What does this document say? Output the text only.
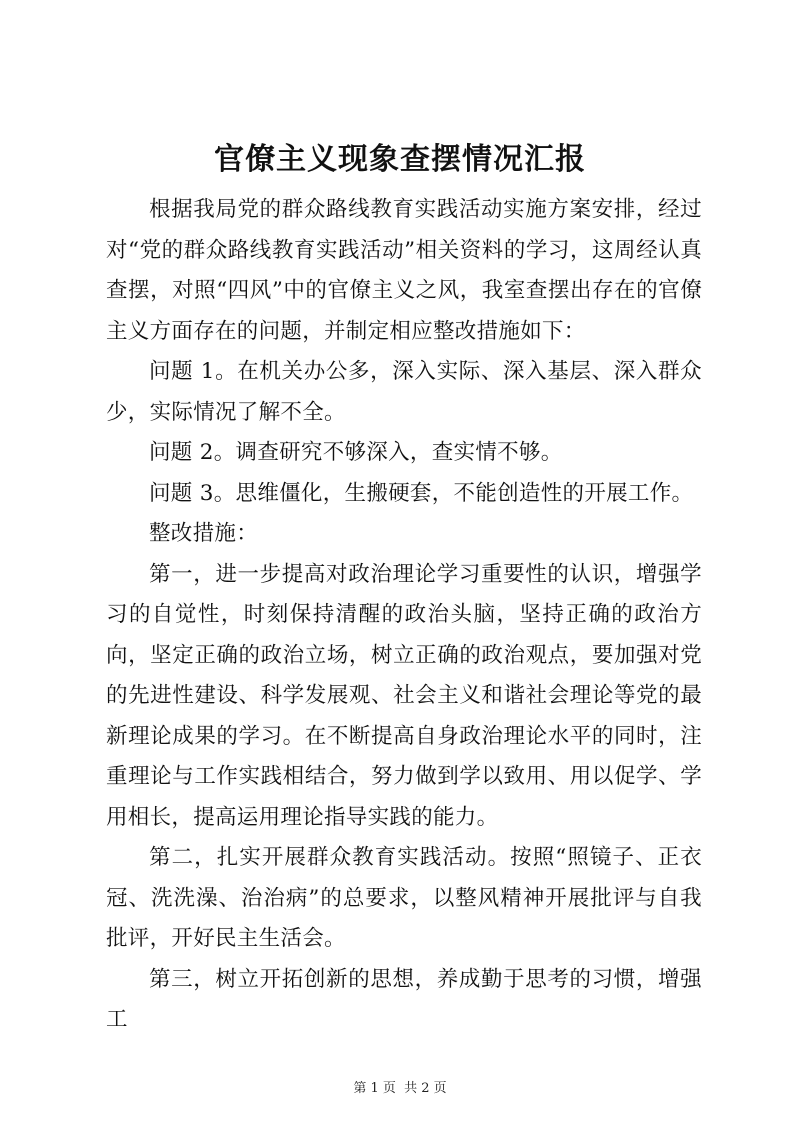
官僚主义现象查摆情况汇报

根据我局党的群众路线教育实践活动实施方案安排，经过对“党的群众路线教育实践活动”相关资料的学习，这周经认真查摆，对照“四风”中的官僚主义之风，我室查摆出存在的官僚主义方面存在的问题，并制定相应整改措施如下：

问题 1。在机关办公多，深入实际、深入基层、深入群众少，实际情况了解不全。

问题 2。调查研究不够深入，查实情不够。

问题 3。思维僵化，生搬硬套，不能创造性的开展工作。

整改措施：

第一，进一步提高对政治理论学习重要性的认识，增强学习的自觉性，时刻保持清醒的政治头脑，坚持正确的政治方向，坚定正确的政治立场，树立正确的政治观点，要加强对党的先进性建设、科学发展观、社会主义和谐社会理论等党的最新理论成果的学习。在不断提高自身政治理论水平的同时，注重理论与工作实践相结合，努力做到学以致用、用以促学、学用相长，提高运用理论指导实践的能力。

第二，扎实开展群众教育实践活动。按照“照镜子、正衣冠、洗洗澡、治治病”的总要求，以整风精神开展批评与自我批评，开好民主生活会。

第三，树立开拓创新的思想，养成勤于思考的习惯，增强工

第 1 页  共 2 页
